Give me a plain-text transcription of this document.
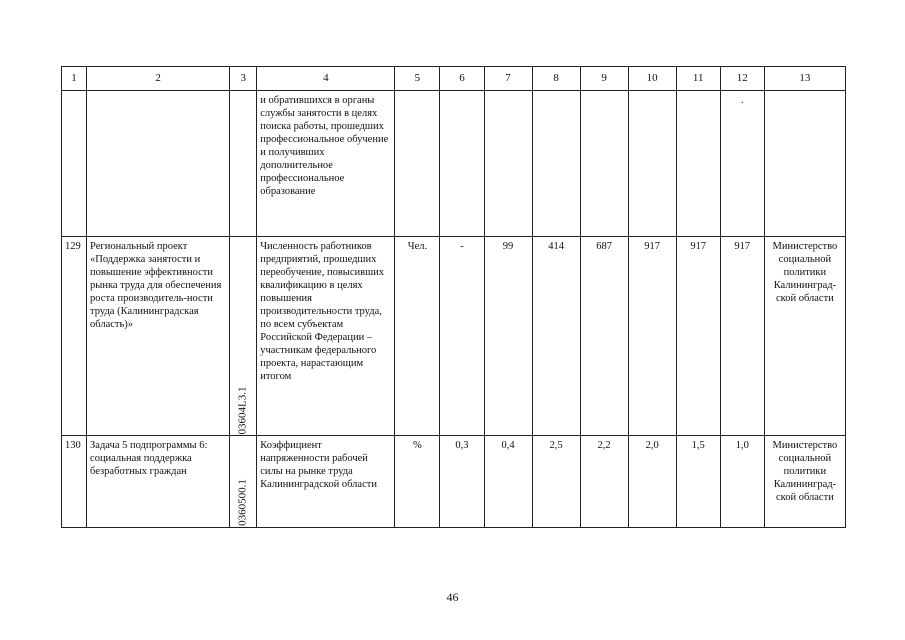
1	2	3	4	5	6	7	8	9	10	11	12	13
			и обратившихся в органы службы занятости в целях поиска работы, прошедших профессиональное обучение и получивших дополнительное профессиональное образование								.	
129	Региональный проект «Поддержка занятости и повышение эффективности рынка труда для обеспечения роста производитель-ности труда (Калининградская область)»	03604L3.1	Численность работников предприятий, прошедших переобучение, повысивших квалификацию в целях повышения производительности труда, по всем субъектам Российской Федерации – участникам федерального проекта, нарастающим итогом	Чел.	-	99	414	687	917	917	917	Министерство социальной политики Калининград-ской области
130	Задача 5 подпрограммы 6: социальная поддержка безработных граждан	0360500.1	Коэффициент напряженности рабочей силы на рынке труда Калининградской области	%	0,3	0,4	2,5	2,2	2,0	1,5	1,0	Министерство социальной политики Калининград-ской области
46
